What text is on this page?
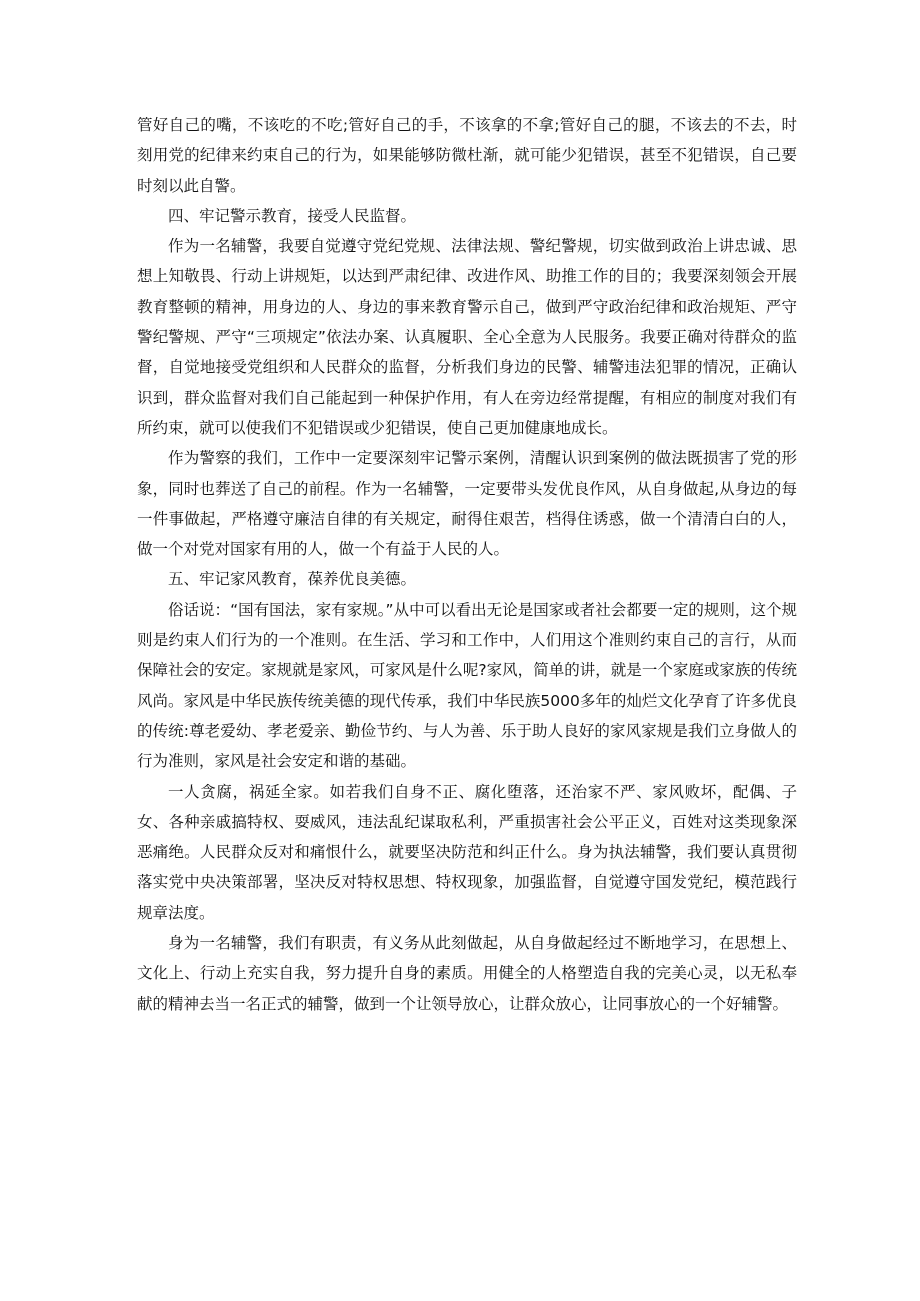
管好自己的嘴，不该吃的不吃;管好自己的手，不该拿的不拿;管好自己的腿，不该去的不去，时刻用党的纪律来约束自己的行为，如果能够防微杜渐，就可能少犯错误，甚至不犯错误，自己要时刻以此自警。

四、牢记警示教育，接受人民监督。

作为一名辅警，我要自觉遵守党纪党规、法律法规、警纪警规，切实做到政治上讲忠诚、思想上知敬畏、行动上讲规矩，以达到严肃纪律、改进作风、助推工作的目的；我要深刻领会开展教育整顿的精神，用身边的人、身边的事来教育警示自己，做到严守政治纪律和政治规矩、严守警纪警规、严守“三项规定”依法办案、认真履职、全心全意为人民服务。我要正确对待群众的监督，自觉地接受党组织和人民群众的监督，分析我们身边的民警、辅警违法犯罪的情况，正确认识到，群众监督对我们自己能起到一种保护作用，有人在旁边经常提醒，有相应的制度对我们有所约束，就可以使我们不犯错误或少犯错误，使自己更加健康地成长。

作为警察的我们，工作中一定要深刻牢记警示案例，清醒认识到案例的做法既损害了党的形象，同时也葬送了自己的前程。作为一名辅警，一定要带头发优良作风，从自身做起,从身边的每一件事做起，严格遵守廉洁自律的有关规定，耐得住艰苦，档得住诱惑，做一个清清白白的人，做一个对党对国家有用的人，做一个有益于人民的人。

五、牢记家风教育，葆养优良美德。

俗话说：“国有国法，家有家规。”从中可以看出无论是国家或者社会都要一定的规则，这个规则是约束人们行为的一个准则。在生活、学习和工作中，人们用这个准则约束自己的言行，从而保障社会的安定。家规就是家风，可家风是什么呢?家风，简单的讲，就是一个家庭或家族的传统风尚。家风是中华民族传统美德的现代传承，我们中华民族5000多年的灿烂文化孕育了许多优良的传统:尊老爱幼、孝老爱亲、勤俭节约、与人为善、乐于助人良好的家风家规是我们立身做人的行为准则，家风是社会安定和谐的基础。

一人贪腐，祸延全家。如若我们自身不正、腐化堕落，还治家不严、家风败坏，配偶、子女、各种亲戚搞特权、耍威风，违法乱纪谋取私利，严重损害社会公平正义，百姓对这类现象深恶痛绝。人民群众反对和痛恨什么，就要坚决防范和纠正什么。身为执法辅警，我们要认真贯彻落实党中央决策部署，坚决反对特权思想、特权现象，加强监督，自觉遵守国发党纪，模范践行规章法度。

身为一名辅警，我们有职责，有义务从此刻做起，从自身做起经过不断地学习，在思想上、文化上、行动上充实自我，努力提升自身的素质。用健全的人格塑造自我的完美心灵，以无私奉献的精神去当一名正式的辅警，做到一个让领导放心，让群众放心，让同事放心的一个好辅警。
